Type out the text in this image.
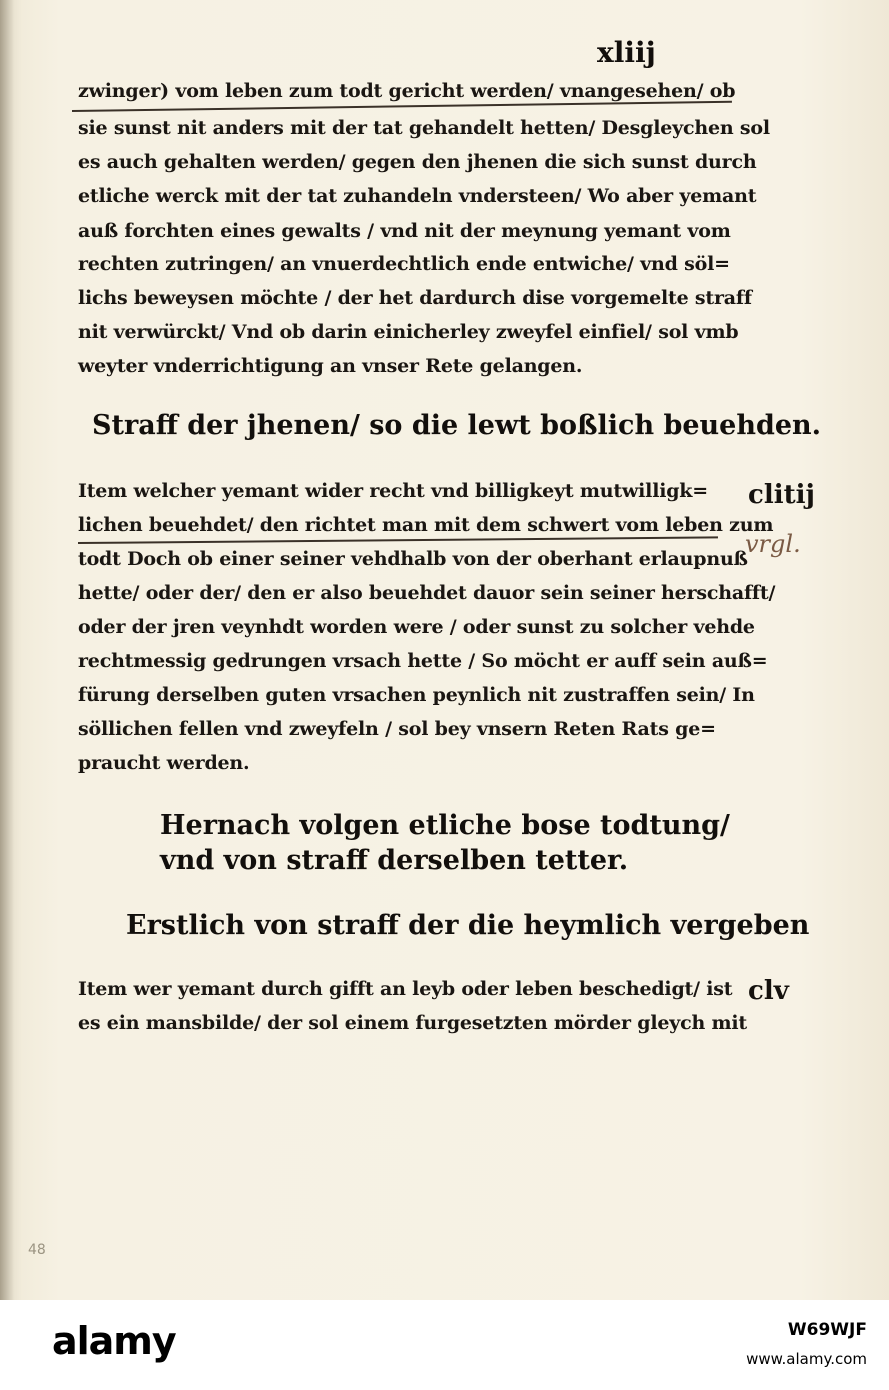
xliij
zwinger) vom leben zum todt gericht werden/ vnangesehen/ ob
sie sunst nit anders mit der tat gehandelt hetten/ Desgleychen sol
es auch gehalten werden/ gegen den jhenen die sich sunst durch
etliche werck mit der tat zuhandeln vndersteen/ Wo aber yemant
auß forchten eines gewalts / vnd nit der meynung yemant vom
rechten zutringen/ an vnuerdechtlich ende entwiche/ vnd söl=
lichs beweysen möchte / der het dardurch dise vorgemelte straff
nit verwürckt/ Vnd ob darin einicherley zweyfel einfiel/ sol vmb
weyter vnderrichtigung an vnser Rete gelangen.
Straff der jhenen/ so die lewt boßlich beuehden.
clitij
Item welcher yemant wider recht vnd billigkeyt mutwilligk=
lichen beuehdet/ den richtet man mit dem schwert vom leben zum
todt Doch ob einer seiner vehdhalb von der oberhant erlaupnuß
hette/ oder der/ den er also beuehdet dauor sein seiner herschafft/
oder der jren veynhdt worden were / oder sunst zu solcher vehde
rechtmessig gedrungen vrsach hette / So möcht er auff sein auß=
fürung derselben guten vrsachen peynlich nit zustraffen sein/ In
söllichen fellen vnd zweyfeln / sol bey vnsern Reten Rats ge=
praucht werden.
vrgl.
Hernach volgen etliche bose todtung/
vnd von straff derselben tetter.
Erstlich von straff der die heymlich vergeben
clv
Item wer yemant durch gifft an leyb oder leben beschedigt/ ist
es ein mansbilde/ der sol einem furgesetzten mörder gleych mit
48
alamy	W69WJF
www.alamy.com
